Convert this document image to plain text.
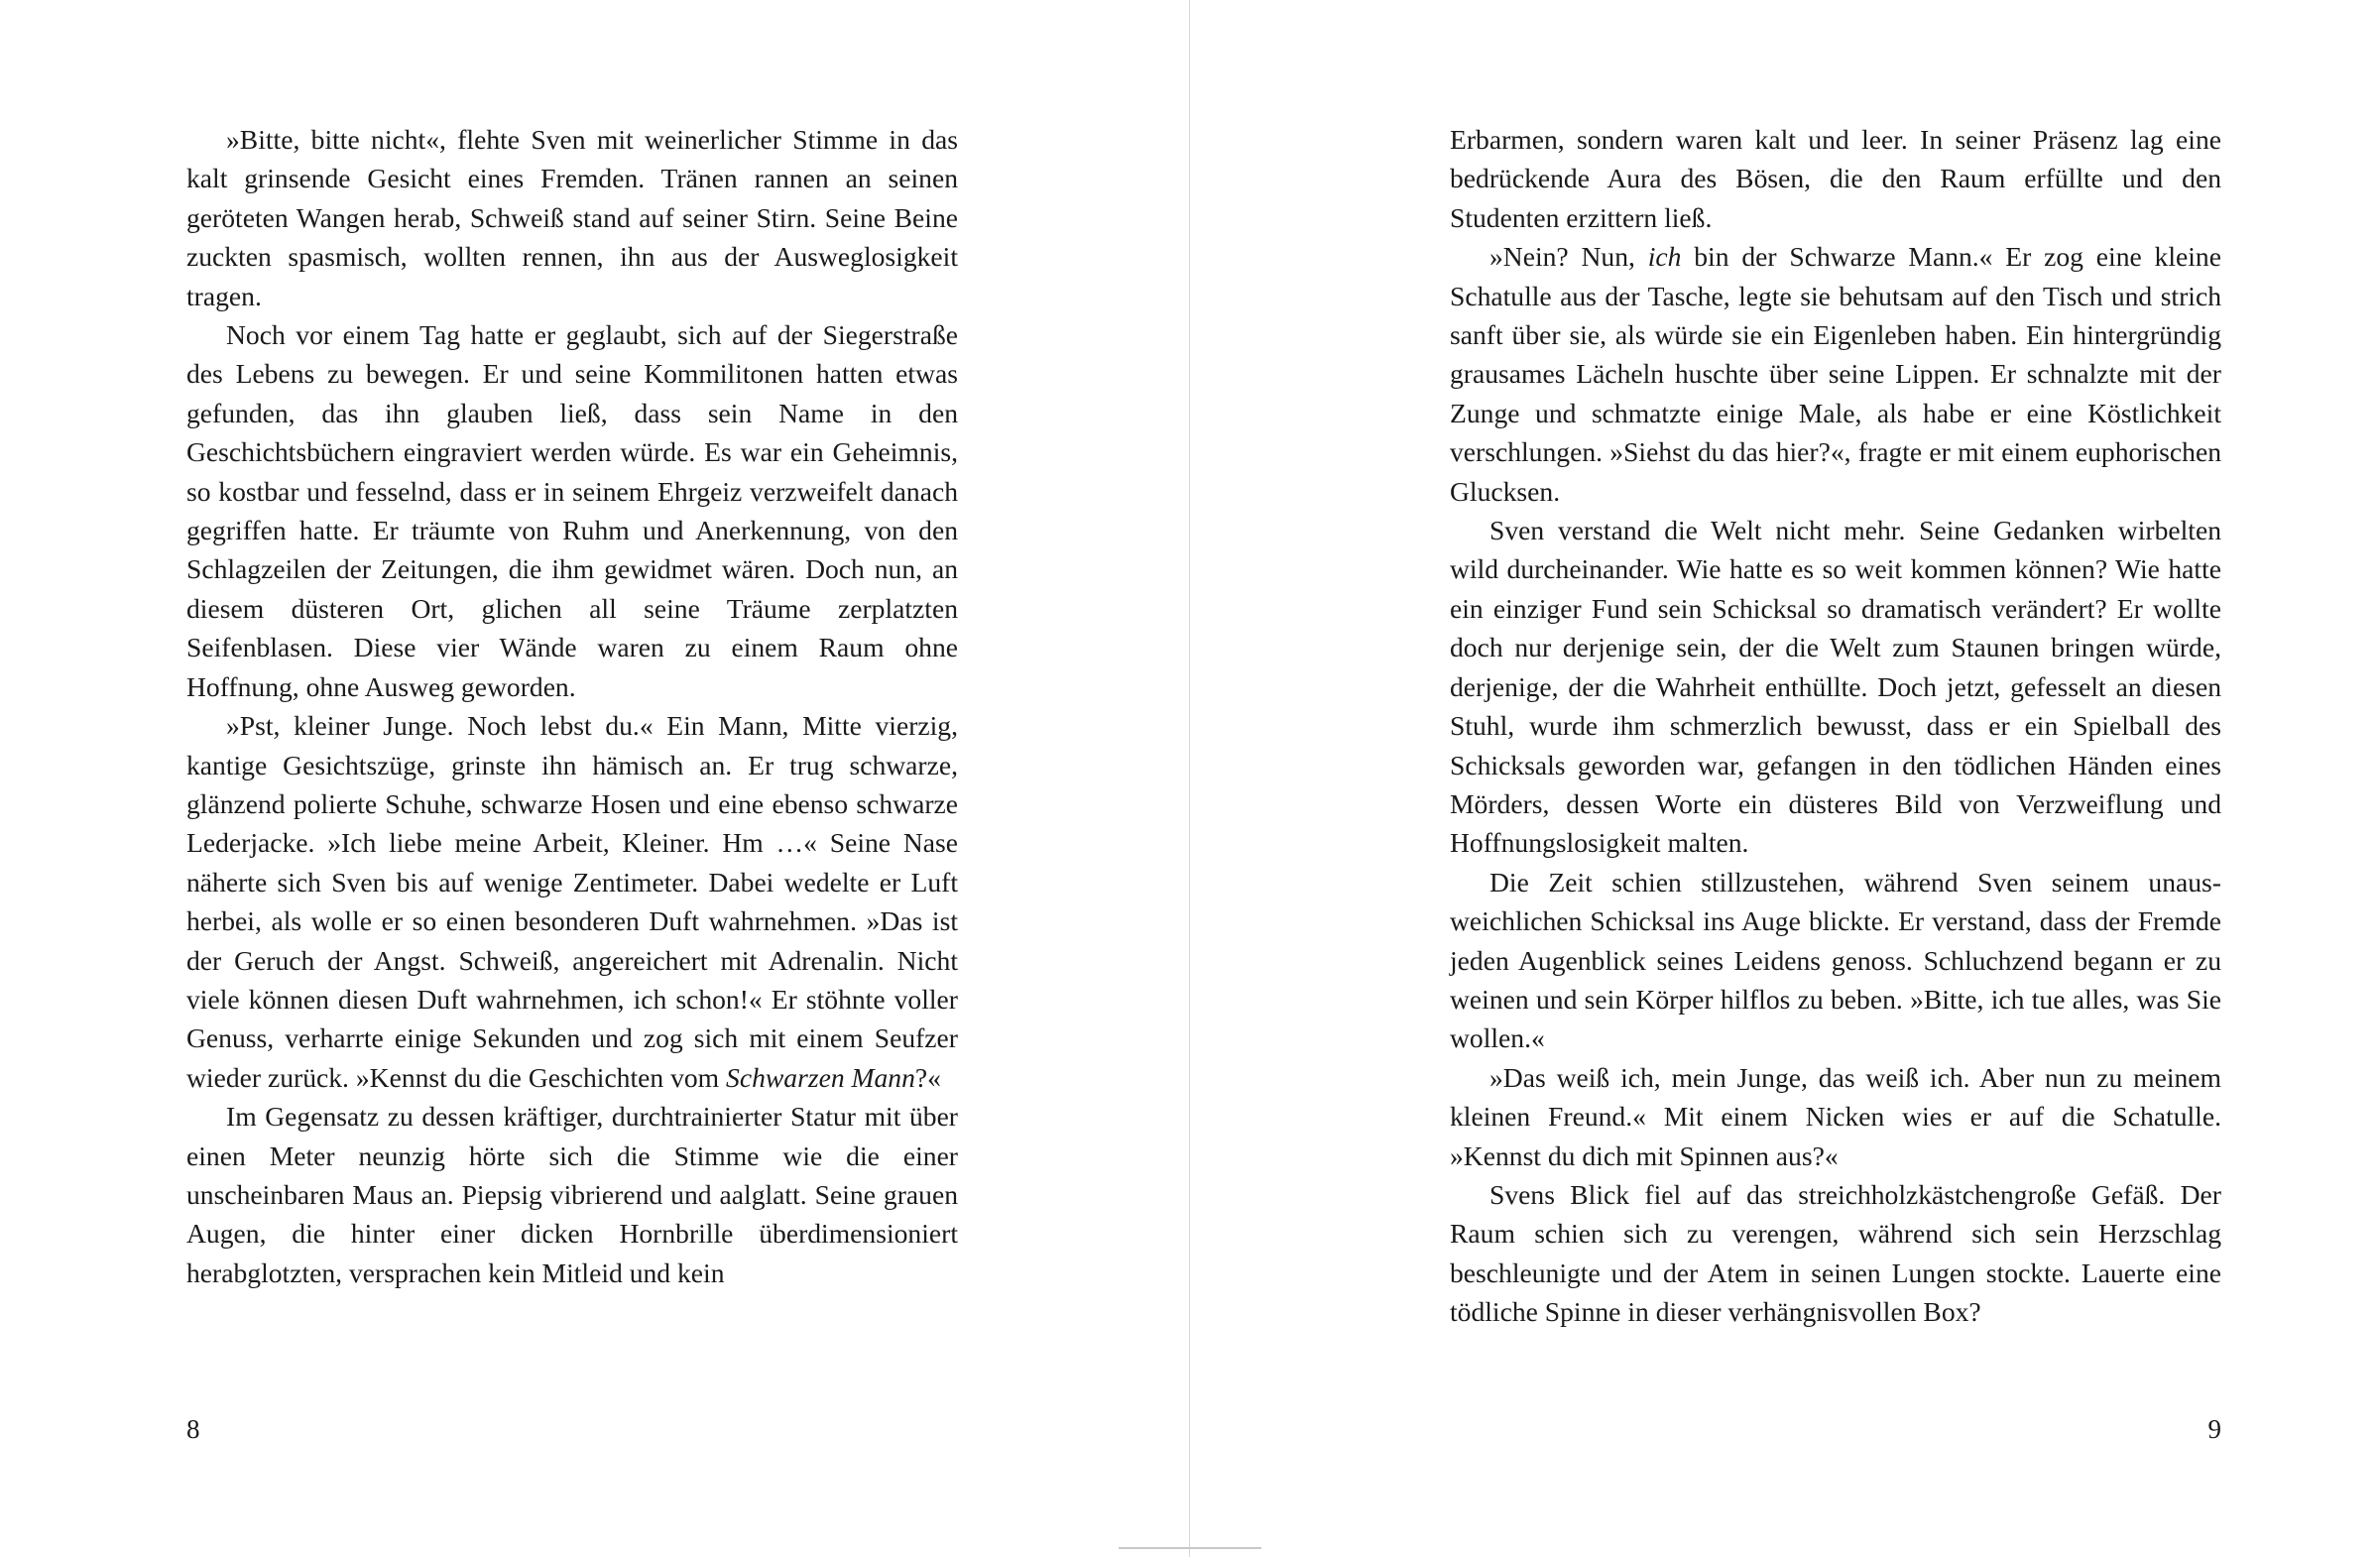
»Bitte, bitte nicht«, flehte Sven mit weinerlicher Stimme in das kalt grinsende Gesicht eines Fremden. Tränen rannen an seinen geröteten Wangen herab, Schweiß stand auf seiner Stirn. Seine Beine zuckten spasmisch, wollten rennen, ihn aus der Ausweglosigkeit tragen.

Noch vor einem Tag hatte er geglaubt, sich auf der Siegerstraße des Lebens zu bewegen. Er und seine Kommilitonen hatten etwas gefunden, das ihn glauben ließ, dass sein Name in den Geschichtsbüchern eingraviert werden würde. Es war ein Geheimnis, so kostbar und fesselnd, dass er in seinem Ehrgeiz verzweifelt danach gegriffen hatte. Er träumte von Ruhm und Anerkennung, von den Schlagzeilen der Zeitungen, die ihm gewidmet wären. Doch nun, an diesem düsteren Ort, glichen all seine Träume zerplatzten Seifenblasen. Diese vier Wände waren zu einem Raum ohne Hoffnung, ohne Ausweg geworden.

»Pst, kleiner Junge. Noch lebst du.« Ein Mann, Mitte vierzig, kantige Gesichtszüge, grinste ihn hämisch an. Er trug schwarze, glänzend polierte Schuhe, schwarze Hosen und eine ebenso schwarze Lederjacke. »Ich liebe meine Arbeit, Kleiner. Hm …« Seine Nase näherte sich Sven bis auf wenige Zentimeter. Dabei wedelte er Luft herbei, als wolle er so einen besonderen Duft wahrnehmen. »Das ist der Geruch der Angst. Schweiß, angereichert mit Adrenalin. Nicht viele können diesen Duft wahrnehmen, ich schon!« Er stöhnte voller Genuss, verharrte einige Sekunden und zog sich mit einem Seufzer wieder zurück. »Kennst du die Geschichten vom Schwarzen Mann?«

Im Gegensatz zu dessen kräftiger, durchtrainierter Statur mit über einen Meter neunzig hörte sich die Stimme wie die einer unscheinbaren Maus an. Piepsig vibrierend und aalglatt. Seine grauen Augen, die hinter einer dicken Hornbrille überdimensioniert herabglotzten, versprachen kein Mitleid und kein

8

Erbarmen, sondern waren kalt und leer. In seiner Präsenz lag eine bedrückende Aura des Bösen, die den Raum erfüllte und den Studenten erzittern ließ.

»Nein? Nun, ich bin der Schwarze Mann.« Er zog eine kleine Schatulle aus der Tasche, legte sie behutsam auf den Tisch und strich sanft über sie, als würde sie ein Eigenleben haben. Ein hintergründig grausames Lächeln huschte über seine Lippen. Er schnalzte mit der Zunge und schmatzte einige Male, als habe er eine Köstlichkeit verschlungen. »Siehst du das hier?«, fragte er mit einem euphorischen Glucksen.

Sven verstand die Welt nicht mehr. Seine Gedanken wirbelten wild durcheinander. Wie hatte es so weit kommen können? Wie hatte ein einziger Fund sein Schicksal so dramatisch verändert? Er wollte doch nur derjenige sein, der die Welt zum Staunen bringen würde, derjenige, der die Wahrheit enthüllte. Doch jetzt, gefesselt an diesen Stuhl, wurde ihm schmerzlich bewusst, dass er ein Spielball des Schicksals geworden war, gefangen in den tödlichen Händen eines Mörders, dessen Worte ein düsteres Bild von Verzweiflung und Hoffnungslosigkeit malten.

Die Zeit schien stillzustehen, während Sven seinem unausweichlichen Schicksal ins Auge blickte. Er verstand, dass der Fremde jeden Augenblick seines Leidens genoss. Schluchzend begann er zu weinen und sein Körper hilflos zu beben. »Bitte, ich tue alles, was Sie wollen.«

»Das weiß ich, mein Junge, das weiß ich. Aber nun zu meinem kleinen Freund.« Mit einem Nicken wies er auf die Schatulle. »Kennst du dich mit Spinnen aus?«

Svens Blick fiel auf das streichholzkästchengroße Gefäß. Der Raum schien sich zu verengen, während sich sein Herzschlag beschleunigte und der Atem in seinen Lungen stockte. Lauerte eine tödliche Spinne in dieser verhängnisvollen Box?

9
